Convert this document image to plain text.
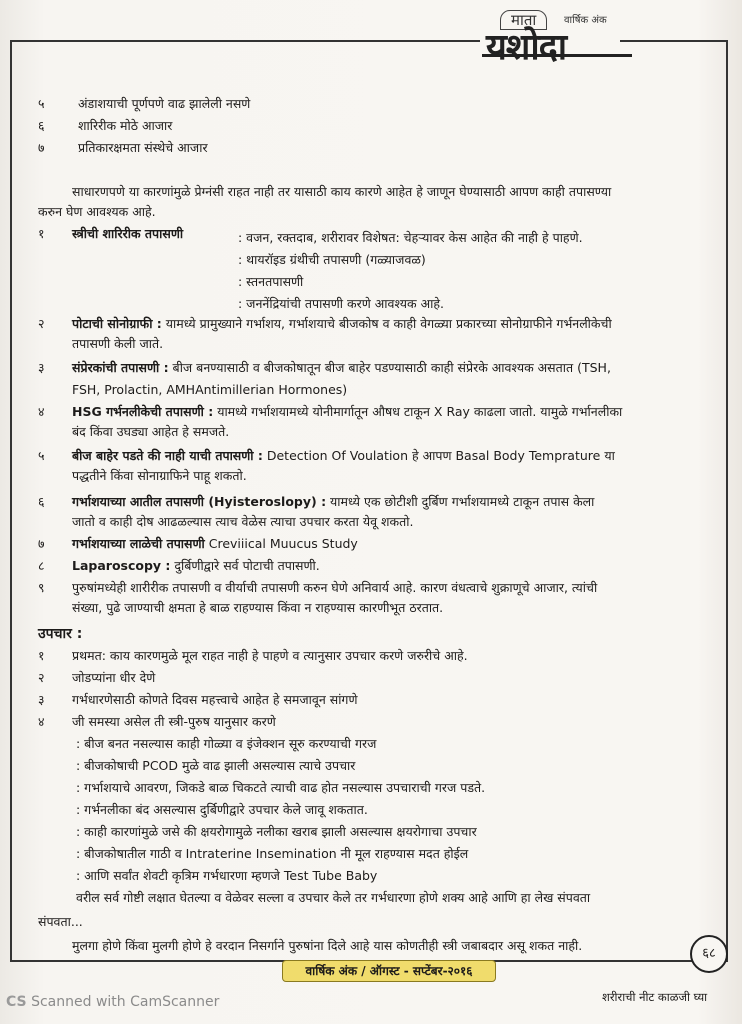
माता	वार्षिक अंक
यशोदा
५	अंडाशयाची पूर्णपणे वाढ झालेली नसणे
६	शारिरीक मोठे आजार
७	प्रतिकारक्षमता संस्थेचे आजार
साधारणपणे या कारणांमुळे प्रेग्नंसी राहत नाही तर यासाठी काय कारणे आहेत हे जाणून घेण्यासाठी आपण काही तपासण्या
करुन घेण आवश्यक आहे.
१ स्त्रीची शारिरीक तपासणी	: वजन, रक्तदाब, शरीरावर विशेषत: चेहऱ्यावर केस आहेत की नाही हे पाहणे.
: थायरॉइड ग्रंथीची तपासणी (गळ्याजवळ)
: स्तनतपासणी
: जननेंद्रियांची तपासणी करणे आवश्यक आहे.
२ पोटाची सोनोग्राफी : यामध्ये प्रामुख्याने गर्भाशय, गर्भाशयाचे बीजकोष व काही वेगळ्या प्रकारच्या सोनोग्राफीने गर्भनलीकेची
तपासणी केली जाते.
३ संप्रेरकांची तपासणी : बीज बनण्यासाठी व बीजकोषातून बीज बाहेर पडण्यासाठी काही संप्रेरके आवश्यक असतात (TSH,
FSH, Prolactin, AMHAntimillerian Hormones)
४ HSG गर्भनलीकेची तपासणी : यामध्ये गर्भाशयामध्ये योनीमार्गातून औषध टाकून X Ray काढला जातो. यामुळे गर्भानलीका
बंद किंवा उघड्या आहेत हे समजते.
५ बीज बाहेर पडते की नाही याची तपासणी : Detection Of Voulation हे आपण Basal Body Temprature या
पद्धतीने किंवा सोनाग्राफिने पाहू शकतो.
६ गर्भाशयाच्या आतील तपासणी (Hyisteroslopy) : यामध्ये एक छोटीशी दुर्बिण गर्भाशयामध्ये टाकून तपास केला
जातो व काही दोष आढळल्यास त्याच वेळेस त्याचा उपचार करता येवू शकतो.
७ गर्भाशयाच्या लाळेची तपासणी Creviiical Muucus Study
८ Laparoscopy : दुर्बिणीद्वारे सर्व पोटाची तपासणी.
९ पुरुषांमध्येही शारीरीक तपासणी व वीर्याची तपासणी करुन घेणे अनिवार्य आहे. कारण वंधत्वाचे शुक्राणूचे आजार, त्यांची
संख्या, पुढे जाण्याची क्षमता हे बाळ राहण्यास किंवा न राहण्यास कारणीभूत ठरतात.
उपचार :
१ प्रथमत: काय कारणमुळे मूल राहत नाही हे पाहणे व त्यानुसार उपचार करणे जरुरीचे आहे.
२ जोडप्यांना धीर देणे
३ गर्भधारणेसाठी कोणते दिवस महत्त्वाचे आहेत हे समजावून सांगणे
४ जी समस्या असेल ती स्त्री-पुरुष यानुसार करणे
: बीज बनत नसल्यास काही गोळ्या व इंजेक्शन सूरु करण्याची गरज
: बीजकोषाची PCOD मुळे वाढ झाली असल्यास त्याचे उपचार
: गर्भाशयाचे आवरण, जिकडे बाळ चिकटते त्याची वाढ होत नसल्यास उपचाराची गरज पडते.
: गर्भनलीका बंद असल्यास दुर्बिणीद्वारे उपचार केले जावू शकतात.
: काही कारणांमुळे जसे की क्षयरोगामुळे नलीका खराब झाली असल्यास क्षयरोगाचा उपचार
: बीजकोषातील गाठी व Intraterine Insemination नी मूल राहण्यास मदत होईल
: आणि सर्वांत शेवटी कृत्रिम गर्भधारणा म्हणजे Test Tube Baby
वरील सर्व गोष्टी लक्षात घेतल्या व वेळेवर सल्ला व उपचार केले तर गर्भधारणा होणे शक्य आहे आणि हा लेख संपवता
संपवता...
मुलगा होणे किंवा मुलगी होणे हे वरदान निसर्गाने पुरुषांना दिले आहे यास कोणतीही स्त्री जबाबदार असू शकत नाही.
६८
वार्षिक अंक / ऑगस्ट - सप्टेंबर-२०१६
शरीराची नीट काळजी घ्या
CS Scanned with CamScanner
